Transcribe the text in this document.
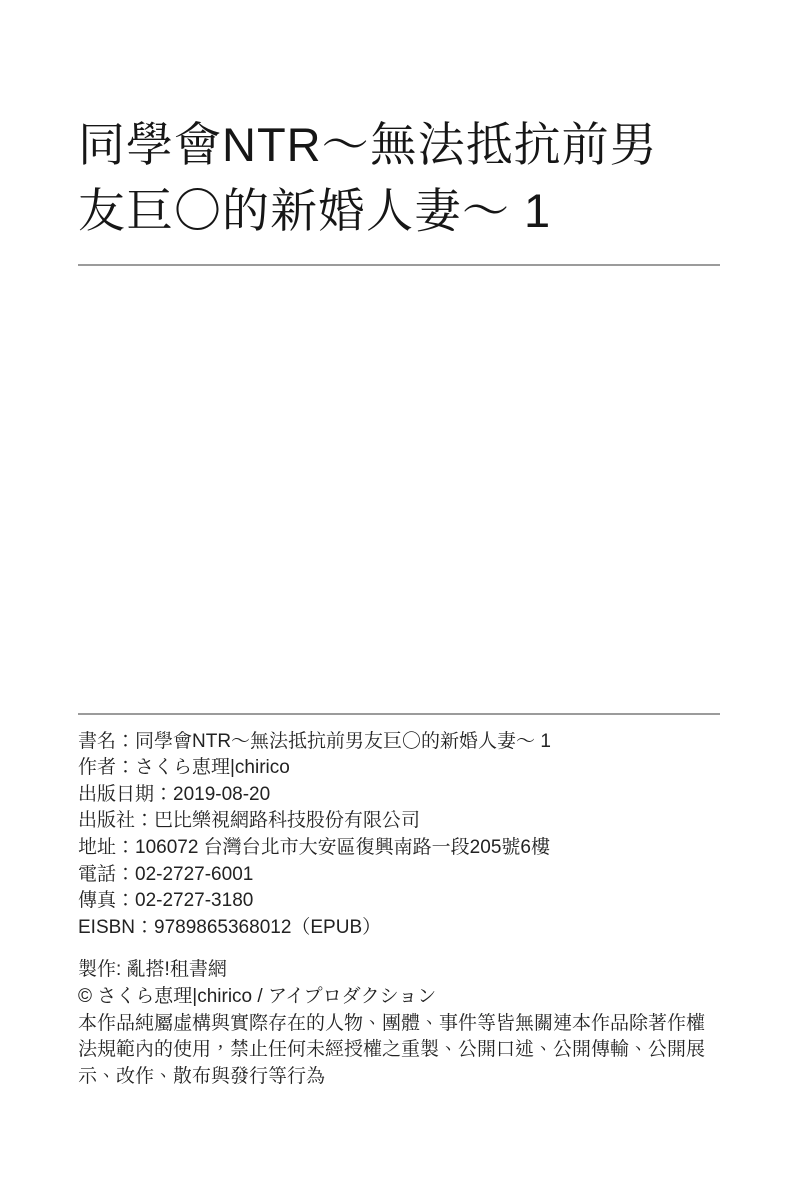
同學會NTR～無法抵抗前男
友巨〇的新婚人妻～ 1
書名：同學會NTR～無法抵抗前男友巨〇的新婚人妻～ 1
作者：さくら恵理|chirico
出版日期：2019-08-20
出版社：巴比樂視網路科技股份有限公司
地址：106072 台灣台北市大安區復興南路一段205號6樓
電話：02-2727-6001
傳真：02-2727-3180
EISBN：9789865368012（EPUB）
製作: 亂搭!租書網
© さくら恵理|chirico / アイプロダクション

本作品純屬虛構與實際存在的人物、團體、事件等皆無關連本作品除著作權法規範內的使用，禁止任何未經授權之重製、公開口述、公開傳輸、公開展示、改作、散布與發行等行為
